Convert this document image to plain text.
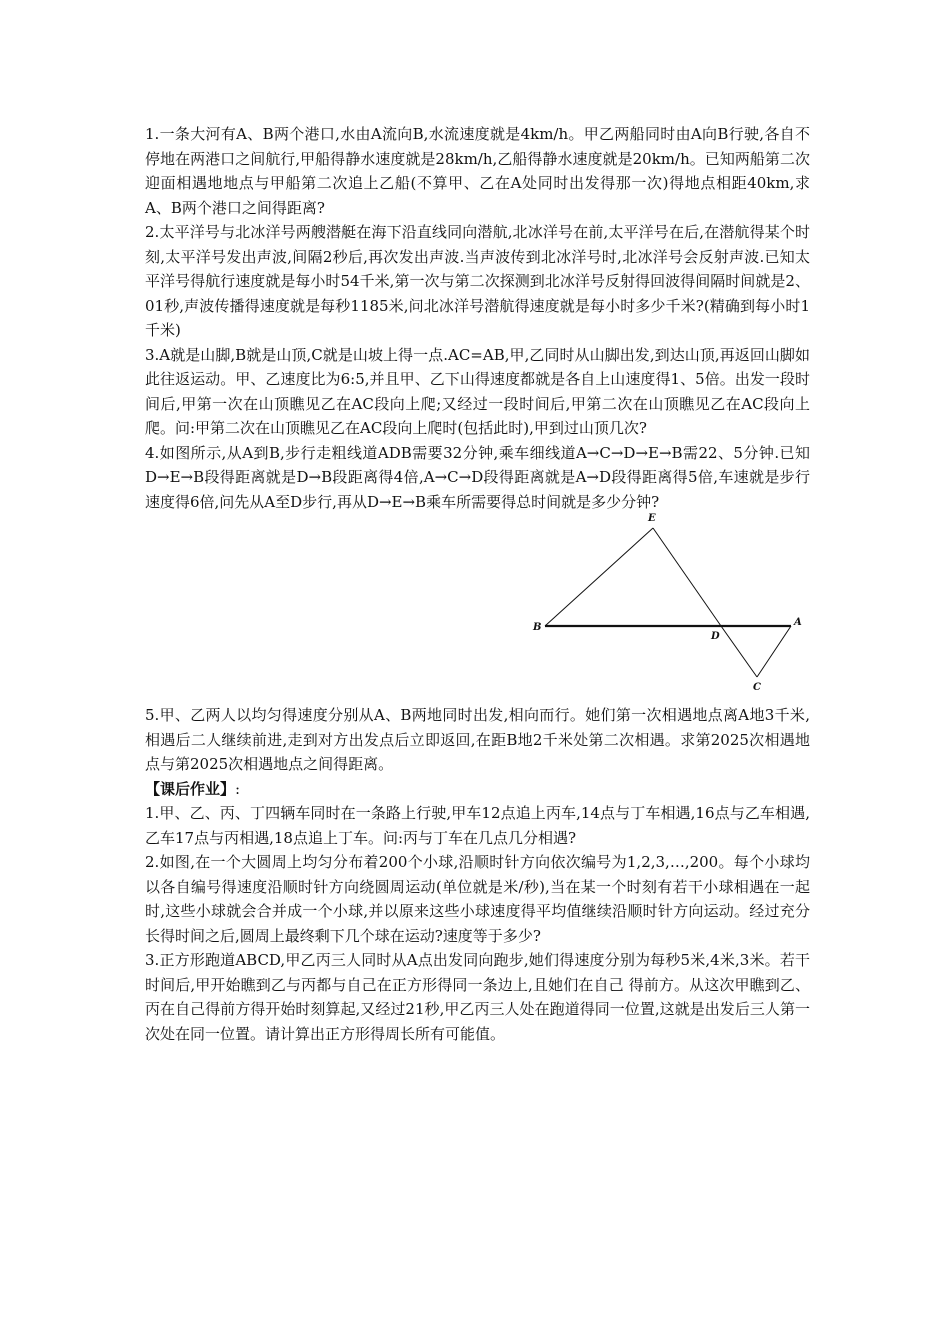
1.一条大河有A、B两个港口,水由A流向B,水流速度就是4km/h。甲乙两船同时由A向B行驶,各自不停地在两港口之间航行,甲船得静水速度就是28km/h,乙船得静水速度就是20km/h。已知两船第二次迎面相遇地地点与甲船第二次追上乙船(不算甲、乙在A处同时出发得那一次)得地点相距40km,求A、B两个港口之间得距离?

2.太平洋号与北冰洋号两艘潜艇在海下沿直线同向潜航,北冰洋号在前,太平洋号在后,在潜航得某个时刻,太平洋号发出声波,间隔2秒后,再次发出声波.当声波传到北冰洋号时,北冰洋号会反射声波.已知太平洋号得航行速度就是每小时54千米,第一次与第二次探测到北冰洋号反射得回波得间隔时间就是2、01秒,声波传播得速度就是每秒1185米,问北冰洋号潜航得速度就是每小时多少千米?(精确到每小时1千米)

3.A就是山脚,B就是山顶,C就是山坡上得一点.AC=AB,甲,乙同时从山脚出发,到达山顶,再返回山脚如此往返运动。甲、乙速度比为6:5,并且甲、乙下山得速度都就是各自上山速度得1、5倍。出发一段时间后,甲第一次在山顶瞧见乙在AC段向上爬;又经过一段时间后,甲第二次在山顶瞧见乙在AC段向上爬。问:甲第二次在山顶瞧见乙在AC段向上爬时(包括此时),甲到过山顶几次?

4.如图所示,从A到B,步行走粗线道ADB需要32分钟,乘车细线道A→C→D→E→B需22、5分钟.已知D→E→B段得距离就是D→B段距离得4倍,A→C→D段得距离就是A→D段得距离得5倍,车速就是步行速度得6倍,问先从A至D步行,再从D→E→B乘车所需要得总时间就是多少分钟?

E
B
D
A
C

5.甲、乙两人以均匀得速度分别从A、B两地同时出发,相向而行。她们第一次相遇地点离A地3千米,相遇后二人继续前进,走到对方出发点后立即返回,在距B地2千米处第二次相遇。求第2025次相遇地点与第2025次相遇地点之间得距离。

【课后作业】:

1.甲、乙、丙、丁四辆车同时在一条路上行驶,甲车12点追上丙车,14点与丁车相遇,16点与乙车相遇,乙车17点与丙相遇,18点追上丁车。问:丙与丁车在几点几分相遇?

2.如图,在一个大圆周上均匀分布着200个小球,沿顺时针方向依次编号为1,2,3,…,200。每个小球均以各自编号得速度沿顺时针方向绕圆周运动(单位就是米/秒),当在某一个时刻有若干小球相遇在一起时,这些小球就会合并成一个小球,并以原来这些小球速度得平均值继续沿顺时针方向运动。经过充分长得时间之后,圆周上最终剩下几个球在运动?速度等于多少?

3.正方形跑道ABCD,甲乙丙三人同时从A点出发同向跑步,她们得速度分别为每秒5米,4米,3米。若干时间后,甲开始瞧到乙与丙都与自己在正方形得同一条边上,且她们在自己 得前方。从这次甲瞧到乙、丙在自己得前方得开始时刻算起,又经过21秒,甲乙丙三人处在跑道得同一位置,这就是出发后三人第一次处在同一位置。请计算出正方形得周长所有可能值。
